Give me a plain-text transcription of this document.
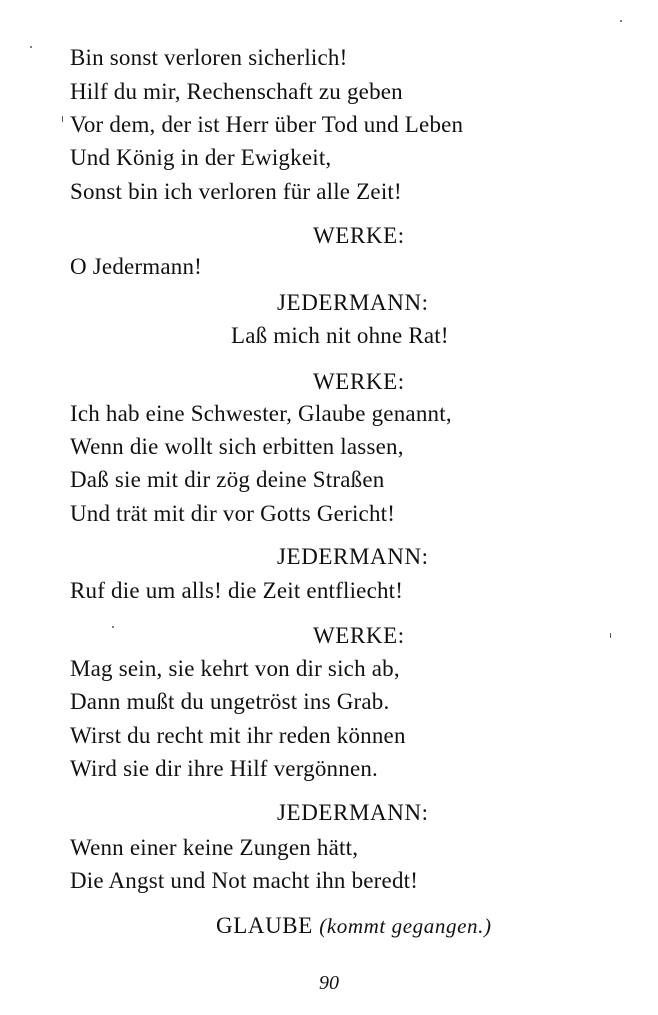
Bin sonst verloren sicherlich!
Hilf du mir, Rechenschaft zu geben
Vor dem, der ist Herr über Tod und Leben
Und König in der Ewigkeit,
Sonst bin ich verloren für alle Zeit!
WERKE:
O Jedermann!
JEDERMANN:
Laß mich nit ohne Rat!
WERKE:
Ich hab eine Schwester, Glaube genannt,
Wenn die wollt sich erbitten lassen,
Daß sie mit dir zög deine Straßen
Und trät mit dir vor Gotts Gericht!
JEDERMANN:
Ruf die um alls! die Zeit entfliecht!
WERKE:
Mag sein, sie kehrt von dir sich ab,
Dann mußt du ungetröst ins Grab.
Wirst du recht mit ihr reden können
Wird sie dir ihre Hilf vergönnen.
JEDERMANN:
Wenn einer keine Zungen hätt,
Die Angst und Not macht ihn beredt!
GLAUBE (kommt gegangen.)
90
